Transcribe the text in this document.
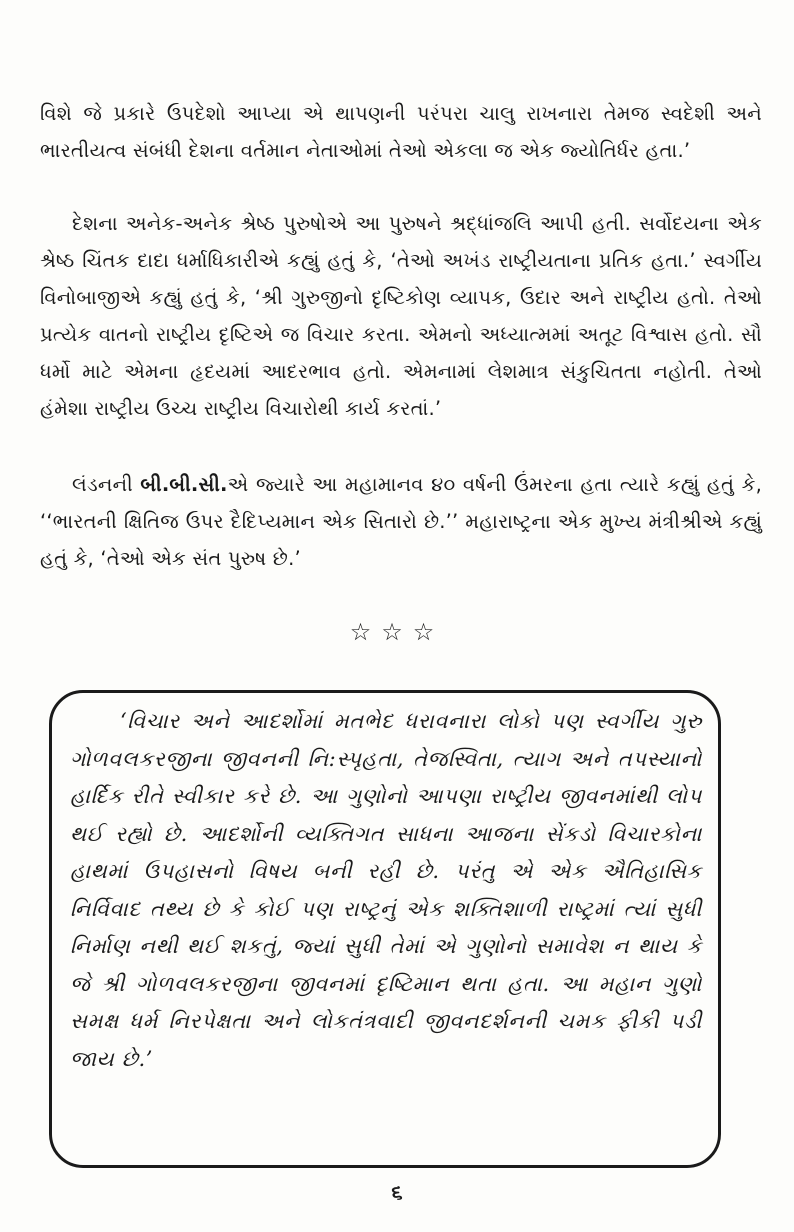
વિશે જે પ્રકારે ઉપદેશો આપ્યા એ થાપણની પરંપરા ચાલુ રાખનારા તેમજ સ્વદેશી અને ભારતીયત્વ સંબંધી દેશના વર્તમાન નેતાઓમાં તેઓ એકલા જ એક જ્યોતિર્ધર હતા.’

દેશના અનેક-અનેક શ્રેષ્ઠ પુરુષોએ આ પુરુષને શ્રદ્ધાંજલિ આપી હતી. સર્વોદયના એક શ્રેષ્ઠ ચિંતક દાદા ધર્માધિકારીએ કહ્યું હતું કે, ‘તેઓ અખંડ રાષ્ટ્રીયતાના પ્રતિક હતા.’ સ્વર્ગીય વિનોબાજીએ કહ્યું હતું કે, ‘શ્રી ગુરુજીનો દૃષ્ટિકોણ વ્યાપક, ઉદાર અને રાષ્ટ્રીય હતો. તેઓ પ્રત્યેક વાતનો રાષ્ટ્રીય દૃષ્ટિએ જ વિચાર કરતા. એમનો અધ્યાત્મમાં અતૂટ વિશ્વાસ હતો. સૌ ધર્મો માટે એમના હૃદયમાં આદરભાવ હતો. એમનામાં લેશમાત્ર સંકુચિતતા નહોતી. તેઓ હંમેશા રાષ્ટ્રીય ઉચ્ચ રાષ્ટ્રીય વિચારોથી કાર્ય કરતાં.’

લંડનની બી.બી.સી.એ જ્યારે આ મહામાનવ ૪૦ વર્ષની ઉંમરના હતા ત્યારે કહ્યું હતું કે, ‘‘ભારતની ક્ષિતિજ ઉપર દૈદિપ્યમાન એક સિતારો છે.’’ મહારાષ્ટ્રના એક મુખ્ય મંત્રીશ્રીએ કહ્યું હતું કે, ‘તેઓ એક સંત પુરુષ છે.’

☆☆☆

‘વિચાર અને આદર્શોમાં મતભેદ ધરાવનારા લોકો પણ સ્વર્ગીય ગુરુ ગોળવલકરજીના જીવનની નિ:સ્પૃહતા, તેજસ્વિતા, ત્યાગ અને તપસ્યાનો હાર્દિક રીતે સ્વીકાર કરે છે. આ ગુણોનો આપણા રાષ્ટ્રીય જીવનમાંથી લોપ થઈ રહ્યો છે. આદર્શોની વ્યક્તિગત સાધના આજના સેંકડો વિચારકોના હાથમાં ઉપહાસનો વિષય બની રહી છે. પરંતુ એ એક ઐતિહાસિક નિર્વિવાદ તથ્ય છે કે કોઈ પણ રાષ્ટ્રનું એક શક્તિશાળી રાષ્ટ્રમાં ત્યાં સુધી નિર્માણ નથી થઈ શકતું, જ્યાં સુધી તેમાં એ ગુણોનો સમાવેશ ન થાય કે જે શ્રી ગોળવલકરજીના જીવનમાં દૃષ્ટિમાન થતા હતા. આ મહાન ગુણો સમક્ષ ધર્મ નિરપેક્ષતા અને લોકતંત્રવાદી જીવનદર્શનની ચમક ફીકી પડી જાય છે.’

૬
